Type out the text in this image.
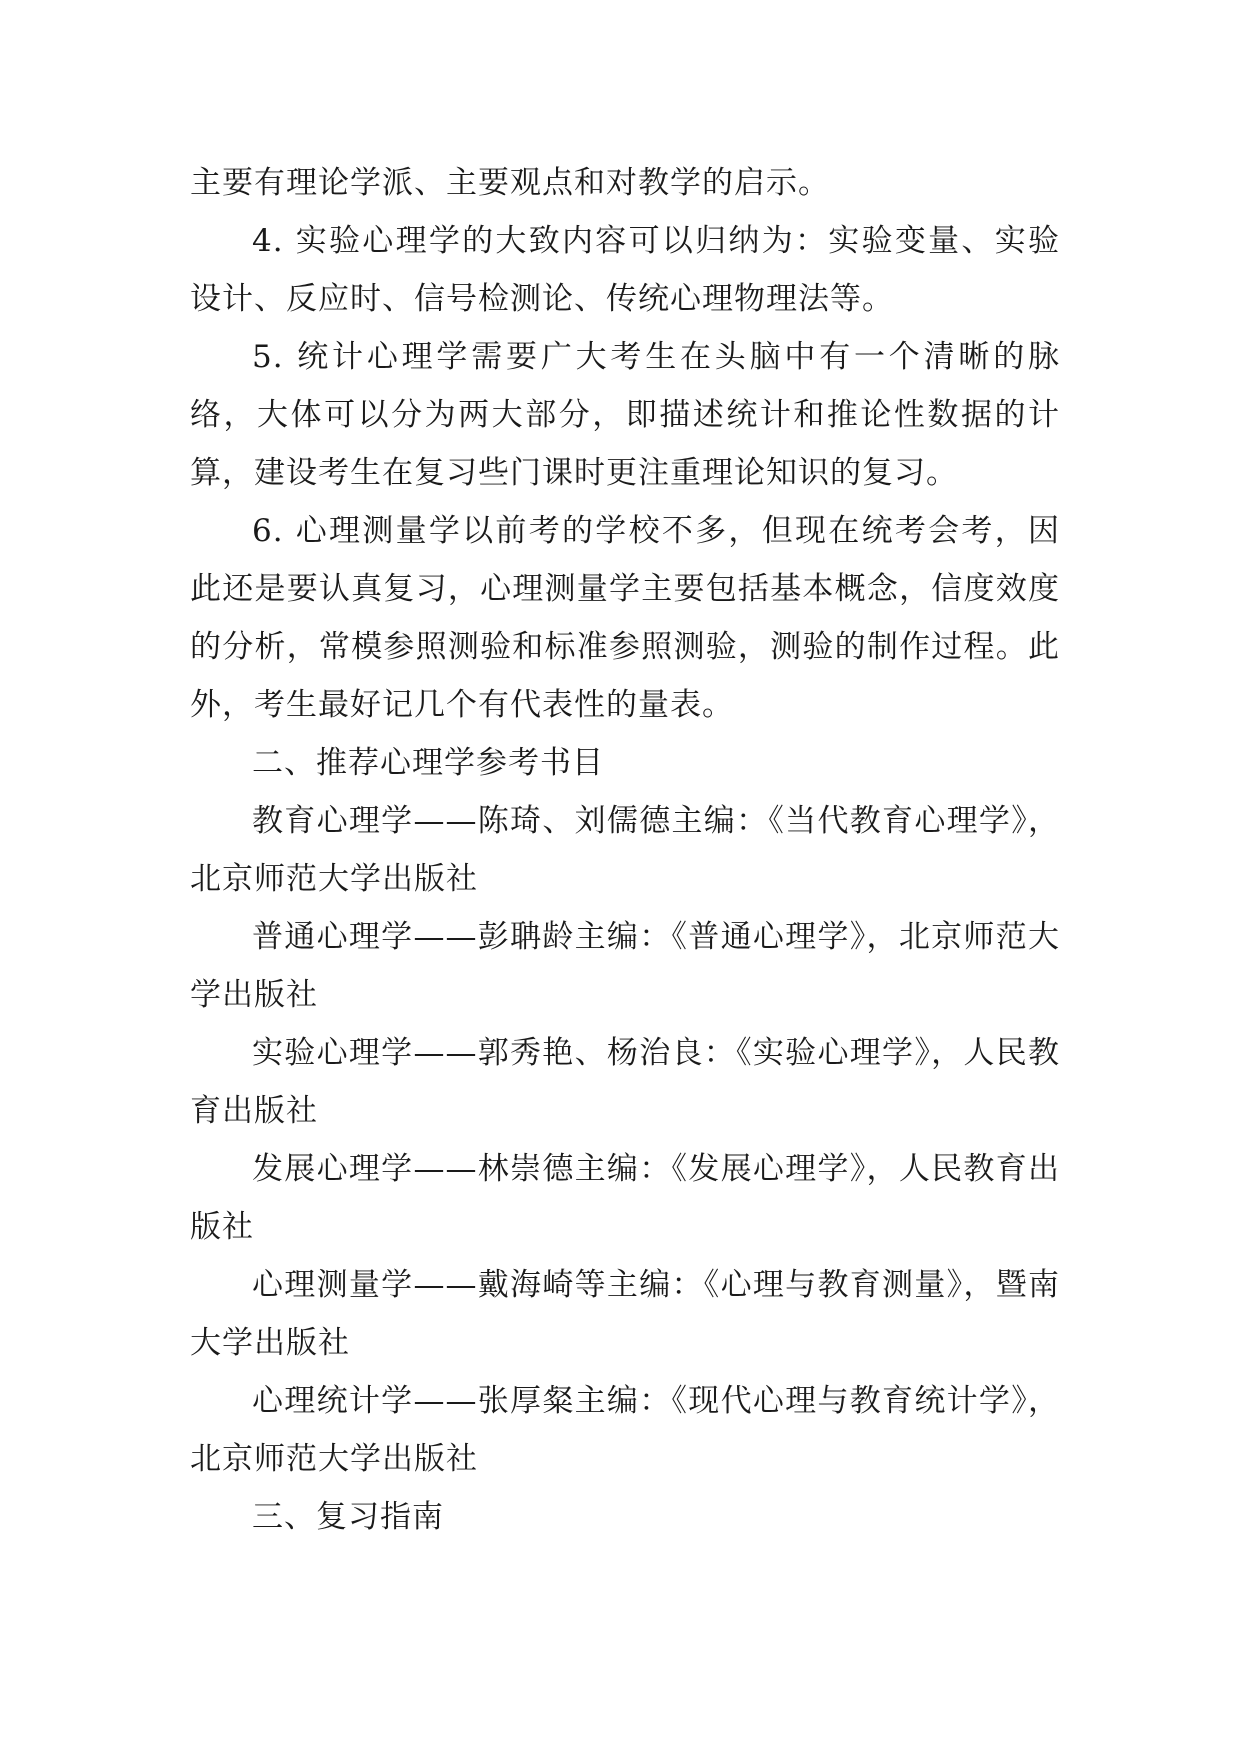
主要有理论学派、主要观点和对教学的启示。

4. 实验心理学的大致内容可以归纳为：实验变量、实验设计、反应时、信号检测论、传统心理物理法等。

5. 统计心理学需要广大考生在头脑中有一个清晰的脉络，大体可以分为两大部分，即描述统计和推论性数据的计算，建设考生在复习些门课时更注重理论知识的复习。

6. 心理测量学以前考的学校不多，但现在统考会考，因此还是要认真复习，心理测量学主要包括基本概念，信度效度的分析，常模参照测验和标准参照测验，测验的制作过程。此外，考生最好记几个有代表性的量表。

二、推荐心理学参考书目

教育心理学——陈琦、刘儒德主编：《当代教育心理学》，北京师范大学出版社

普通心理学——彭聃龄主编：《普通心理学》，北京师范大学出版社

实验心理学——郭秀艳、杨治良：《实验心理学》，人民教育出版社

发展心理学——林崇德主编：《发展心理学》，人民教育出版社

心理测量学——戴海崎等主编：《心理与教育测量》，暨南大学出版社

心理统计学——张厚粲主编：《现代心理与教育统计学》，北京师范大学出版社

三、复习指南
